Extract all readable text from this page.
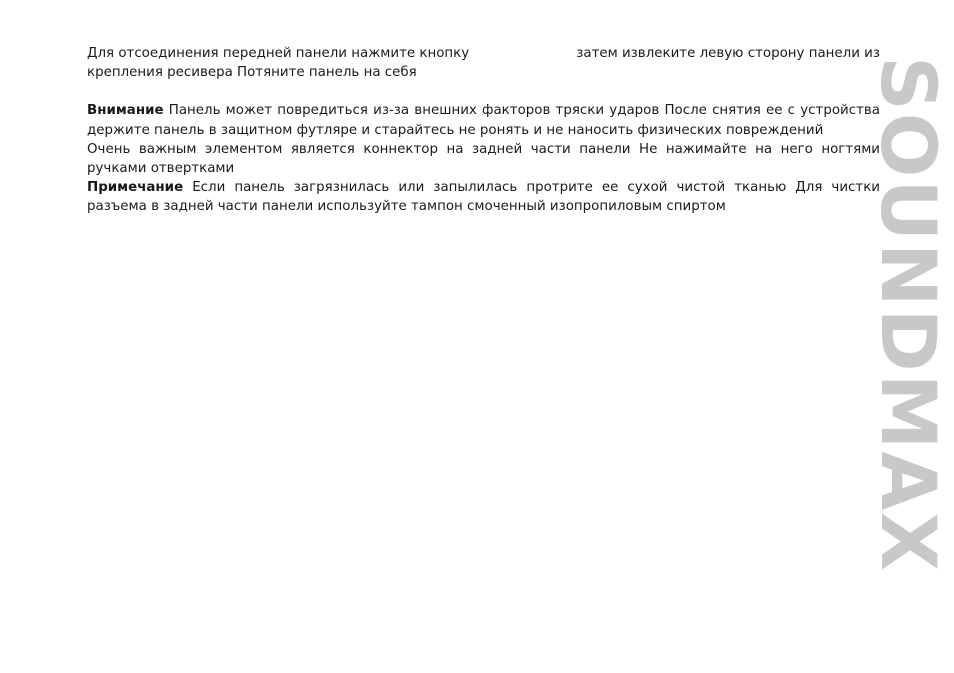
Для отсоединения передней панели нажмите кнопку	затем извлеките левую сторону панели из

крепления ресивера Потяните панель на себя

Внимание Панель может повредиться из-за внешних факторов тряски ударов После снятия ее с устройства держите панель в защитном футляре и старайтесь не ронять и не наносить физических повреждений

Очень важным элементом является коннектор на задней части панели Не нажимайте на него ногтями ручками отвертками

Примечание Если панель загрязнилась или запылилась протрите ее сухой чистой тканью Для чистки разъема в задней части панели используйте тампон смоченный изопропиловым спиртом	SOUNDMAX
